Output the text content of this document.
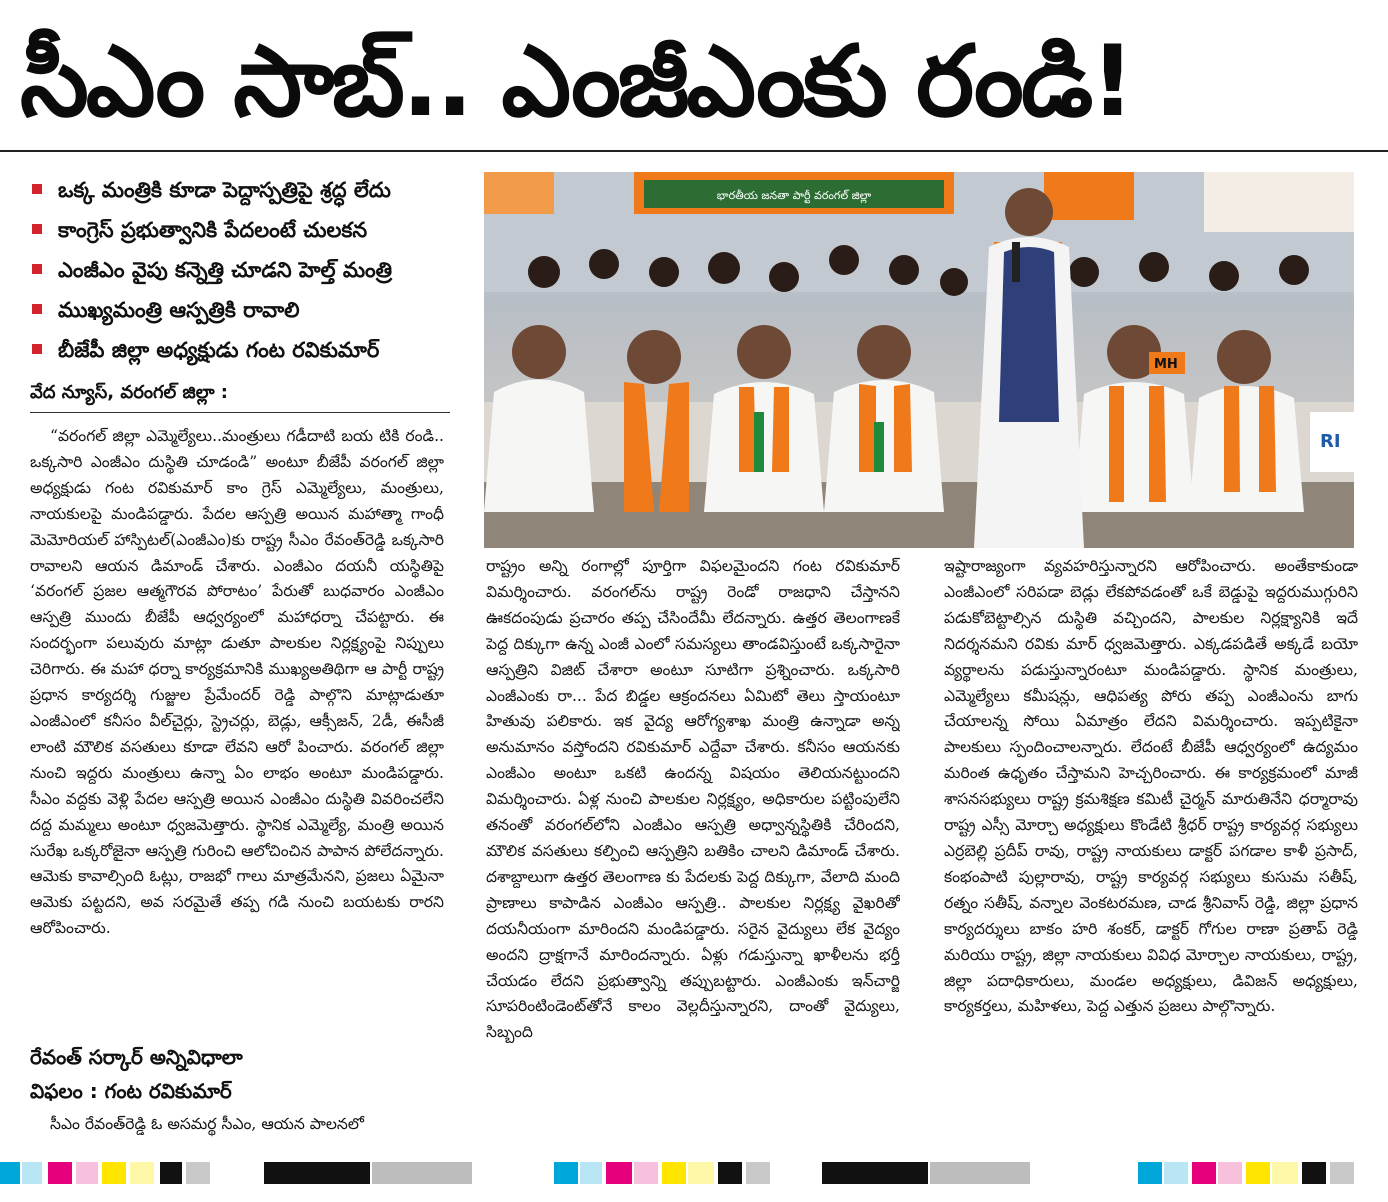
సీఎం సాబ్.. ఎంజీఎంకు రండి!
ఒక్క మంత్రికి కూడా పెద్దాస్పత్రిపై శ్రద్ధ లేదు
కాంగ్రెస్ ప్రభుత్వానికి పేదలంటే చులకన
ఎంజీఎం వైపు కన్నెత్తి చూడని హెల్త్ మంత్రి
ముఖ్యమంత్రి ఆస్పత్రికి రావాలి
బీజేపీ జిల్లా అధ్యక్షుడు గంట రవికుమార్
వేద న్యూస్, వరంగల్ జిల్లా :

“వరంగల్ జిల్లా ఎమ్మెల్యేలు..మంత్రులు గడీదాటి బయ టికి రండి.. ఒక్కసారి ఎంజీఎం దుస్థితి చూడండి” అంటూ బీజేపీ వరంగల్ జిల్లా అధ్యక్షుడు గంట రవికుమార్ కాం గ్రెస్ ఎమ్మెల్యేలు, మంత్రులు, నాయకులపై మండిపడ్డారు. పేదల ఆస్పత్రి అయిన మహాత్మా గాంధీ మెమోరియల్ హాస్పిటల్(ఎంజీఎం)కు రాష్ట్ర సీఎం రేవంత్‌రెడ్డి ఒక్కసారి రావాలని ఆయన డిమాండ్ చేశారు. ఎంజీఎం దయనీ యస్థితిపై ‘వరంగల్ ప్రజల ఆత్మగౌరవ పోరాటం’ పేరుతో బుధవారం ఎంజీఎం ఆస్పత్రి ముందు బీజేపీ ఆధ్వర్యంలో మహాధర్నా చేపట్టారు. ఈ సందర్భంగా పలువురు మాట్లా డుతూ పాలకుల నిర్లక్ష్యంపై నిప్పులు చెరిగారు. ఈ మహా ధర్నా కార్యక్రమానికి ముఖ్యఅతిథిగా ఆ పార్టీ రాష్ట్ర ప్రధాన కార్యదర్శి గుజ్జుల ప్రేమేందర్ రెడ్డి పాల్గొని మాట్లాడుతూ ఎంజీఎంలో కనీసం వీల్‌చైర్లు, స్ట్రెచర్లు, బెడ్లు, ఆక్సీజన్, 2డీ, ఈసీజీ లాంటి మౌలిక వసతులు కూడా లేవని ఆరో పించారు. వరంగల్ జిల్లా నుంచి ఇద్దరు మంత్రులు ఉన్నా ఏం లాభం అంటూ మండిపడ్డారు. సీఎం వద్దకు వెళ్లి పేదల ఆస్పత్రి అయిన ఎంజీఎం దుస్థితి వివరించలేని దద్ద మమ్మలు అంటూ ధ్వజమెత్తారు. స్థానిక ఎమ్మెల్యే, మంత్రి అయిన సురేఖ ఒక్కరోజైనా ఆస్పత్రి గురించి ఆలోచించిన పాపాన పోలేదన్నారు. ఆమెకు కావాల్సింది ఓట్లు, రాజభో గాలు మాత్రమేనని, ప్రజలు ఏమైనా ఆమెకు పట్టదని, అవ సరమైతే తప్ప గడి నుంచి బయటకు రారని ఆరోపించారు.

రేవంత్ సర్కార్ అన్నివిధాలా
విఫలం : గంట రవికుమార్
సీఎం రేవంత్‌రెడ్డి ఓ అసమర్థ సీఎం, ఆయన పాలనలో

రాష్ట్రం అన్ని రంగాల్లో పూర్తిగా విఫలమైందని గంట రవికుమార్ విమర్శించారు. వరంగల్‌ను రాష్ట్ర రెండో రాజధాని చేస్తానని ఊకదంపుడు ప్రచారం తప్ప చేసిందేమీ లేదన్నారు. ఉత్తర తెలంగాణకే పెద్ద దిక్కుగా ఉన్న ఎంజీ ఎంలో సమస్యలు తాండవిస్తుంటే ఒక్కసారైనా ఆస్పత్రిని విజిట్ చేశారా అంటూ సూటిగా ప్రశ్నించారు. ఒక్కసారి ఎంజీఎంకు రా... పేద బిడ్డల ఆక్రందనలు ఏమిటో తెలు స్తాయంటూ హితువు పలికారు. ఇక వైద్య ఆరోగ్యశాఖ మంత్రి ఉన్నాడా అన్న అనుమానం వస్తోందని రవికుమార్ ఎద్దేవా చేశారు. కనీసం ఆయనకు ఎంజీఎం అంటూ ఒకటి ఉందన్న విషయం తెలియనట్టుందని విమర్శించారు. ఏళ్ల నుంచి పాలకుల నిర్లక్ష్యం, అధికారుల పట్టింపులేని తనంతో వరంగల్‌లోని ఎంజీఎం ఆస్పత్రి అధ్వాన్నస్థితికి చేరిందని, మౌలిక వసతులు కల్పించి ఆస్పత్రిని బతికిం చాలని డిమాండ్ చేశారు. దశాబ్దాలుగా ఉత్తర తెలంగాణ కు పేదలకు పెద్ద దిక్కుగా, వేలాది మంది ప్రాణాలు కాపాడిన ఎంజీఎం ఆస్పత్రి.. పాలకుల నిర్లక్ష్య వైఖరితో దయనీయంగా మారిందని మండిపడ్డారు. సరైన వైద్యులు లేక వైద్యం అందని ద్రాక్షగానే మారిందన్నారు. ఏళ్లు గడుస్తున్నా ఖాళీలను భర్తీ చేయడం లేదని ప్రభుత్వాన్ని తప్పుబట్టారు. ఎంజీఎంకు ఇన్‌చార్జి సూపరింటిండెంట్‌తోనే కాలం వెల్లదీస్తున్నారని, దాంతో వైద్యులు, సిబ్బంది

ఇష్టారాజ్యంగా వ్యవహరిస్తున్నారని ఆరోపించారు. అంతేకాకుండా ఎంజీఎంలో సరిపడా బెడ్లు లేకపోవడంతో ఒకే బెడ్డుపై ఇద్దరుముగ్గురిని పడుకోబెట్టాల్సిన దుస్థితి వచ్చిందని, పాలకుల నిర్లక్ష్యానికి ఇదే నిదర్శనమని రవికు మార్ ధ్వజమెత్తారు. ఎక్కడపడితే అక్కడే బయో వ్యర్థాలను పడుస్తున్నారంటూ మండిపడ్డారు. స్థానిక మంత్రులు, ఎమ్మెల్యేలు కమీషన్లు, ఆధిపత్య పోరు తప్ప ఎంజీఎంను బాగు చేయాలన్న సోయి ఏమాత్రం లేదని విమర్శించారు. ఇప్పటికైనా పాలకులు స్పందించాలన్నారు. లేదంటే బీజేపీ ఆధ్వర్యంలో ఉద్యమం మరింత ఉధృతం చేస్తామని హెచ్చరించారు. ఈ కార్యక్రమంలో మాజీ శాసనసభ్యులు రాష్ట్ర క్రమశిక్షణ కమిటీ చైర్మన్ మారుతినేని ధర్మారావు రాష్ట్ర ఎస్సీ మోర్చా అధ్యక్షులు కొండేటి శ్రీధర్ రాష్ట్ర కార్యవర్గ సభ్యులు ఎర్రబెల్లి ప్రదీప్ రావు, రాష్ట్ర నాయకులు డాక్టర్ పగడాల కాళీ ప్రసాద్, కంభంపాటి పుల్లారావు, రాష్ట్ర కార్యవర్గ సభ్యులు కుసుమ సతీష్, రత్నం సతీష్, వన్నాల వెంకటరమణ, చాడ శ్రీనివాస్ రెడ్డి, జిల్లా ప్రధాన కార్యదర్శులు బాకం హరి శంకర్, డాక్టర్ గోగుల రాణా ప్రతాప్ రెడ్డి మరియు రాష్ట్ర, జిల్లా నాయకులు వివిధ మోర్చాల నాయకులు, రాష్ట్ర, జిల్లా పదాధికారులు, మండల అధ్యక్షులు, డివిజన్ అధ్యక్షులు, కార్యకర్తలు, మహిళలు, పెద్ద ఎత్తున ప్రజలు పాల్గొన్నారు.

భారతీయ జనతా పార్టీ వరంగల్ జిల్లా
RI
MH
